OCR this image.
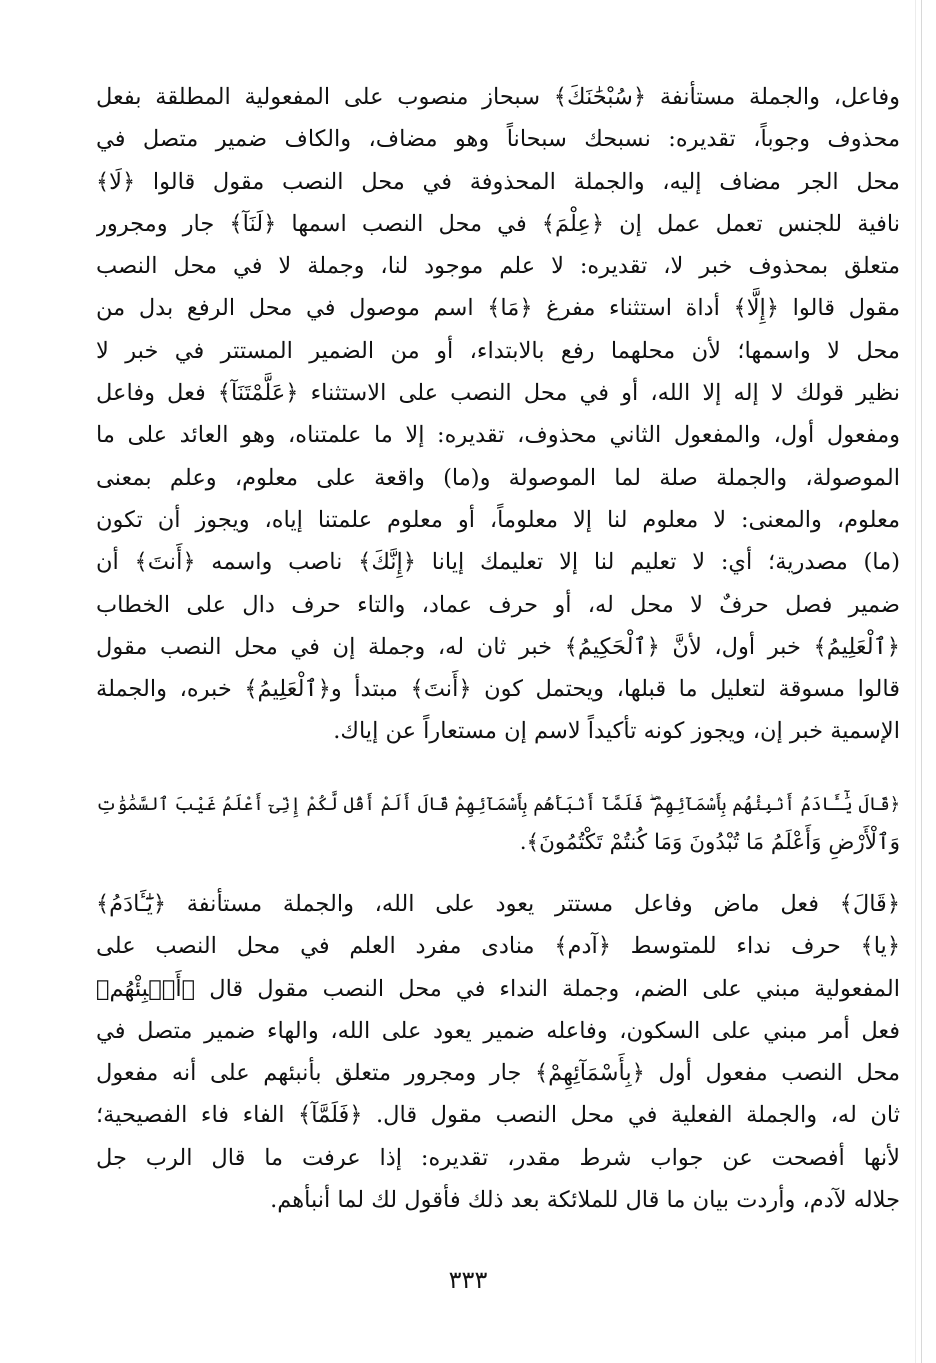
وفاعل، والجملة مستأنفة ﴿سُبْحَٰنَكَ﴾ سبحاز منصوب على المفعولية المطلقة بفعل
محذوف وجوباً، تقديره: نسبحك سبحاناً وهو مضاف، والكاف ضمير متصل في
محل الجر مضاف إليه، والجملة المحذوفة في محل النصب مقول قالوا ﴿لَا﴾
نافية للجنس تعمل عمل إن ﴿عِلْمَ﴾ في محل النصب اسمها ﴿لَنَآ﴾ جار ومجرور
متعلق بمحذوف خبر لا، تقديره: لا علم موجود لنا، وجملة لا في محل النصب
مقول قالوا ﴿إِلَّا﴾ أداة استثناء مفرغ ﴿مَا﴾ اسم موصول في محل الرفع بدل من
محل لا واسمها؛ لأن محلهما رفع بالابتداء، أو من الضمير المستتر في خبر لا
نظير قولك لا إله إلا الله، أو في محل النصب على الاستثناء ﴿عَلَّمْتَنَآ﴾ فعل وفاعل
ومفعول أول، والمفعول الثاني محذوف، تقديره: إلا ما علمتناه، وهو العائد على ما
الموصولة، والجملة صلة لما الموصولة و(ما) واقعة على معلوم، وعلم بمعنى
معلوم، والمعنى: لا معلوم لنا إلا معلوماً، أو معلوم علمتنا إياه، ويجوز أن تكون
(ما) مصدرية؛ أي: لا تعليم لنا إلا تعليمك إيانا ﴿إِنَّكَ﴾ ناصب واسمه ﴿أَنتَ﴾ أن
ضمير فصل حرفٌ لا محل له، أو حرف عماد، والتاء حرف دال على الخطاب
﴿ٱلْعَلِيمُ﴾ خبر أول، لأنَّ ﴿ٱلْحَكِيمُ﴾ خبر ثان له، وجملة إن في محل النصب مقول
قالوا مسوقة لتعليل ما قبلها، ويحتمل كون ﴿أَنتَ﴾ مبتدأ و﴿ٱلْعَلِيمُ﴾ خبره، والجملة
الإسمية خبر إن، ويجوز كونه تأكيداً لاسم إن مستعاراً عن إياك.
﴿قَالَ يَٰٓـَٔادَمُ أَنۢبِئْهُم بِأَسْمَآئِهِمْ ۖ فَلَمَّآ أَنۢبَأَهُم بِأَسْمَآئِهِمْ قَالَ أَلَمْ أَقُل لَّكُمْ إِنِّىٓ أَعْلَمُ غَيْبَ ٱلسَّمَٰوَٰتِ
وَٱلْأَرْضِ وَأَعْلَمُ مَا تُبْدُونَ وَمَا كُنتُمْ تَكْتُمُونَ﴾.
﴿قَالَ﴾ فعل ماض وفاعل مستتر يعود على الله، والجملة مستأنفة ﴿يَٰٓـَٔادَمُ﴾
﴿يا﴾ حرف نداء للمتوسط ﴿آدم﴾ منادى مفرد العلم في محل النصب على
المفعولية مبني على الضم، وجملة النداء في محل النصب مقول قال ﴿أَنۢبِئْهُم﴾
فعل أمر مبني على السكون، وفاعله ضمير يعود على الله، والهاء ضمير متصل في
محل النصب مفعول أول ﴿بِأَسْمَآئِهِمْ﴾ جار ومجرور متعلق بأنبئهم على أنه مفعول
ثان له، والجملة الفعلية في محل النصب مقول قال. ﴿فَلَمَّآ﴾ الفاء فاء الفصيحية؛
لأنها أفصحت عن جواب شرط مقدر، تقديره: إذا عرفت ما قال الرب جل
جلاله لآدم، وأردت بيان ما قال للملائكة بعد ذلك فأقول لك لما أنبأهم.
٣٣٣
